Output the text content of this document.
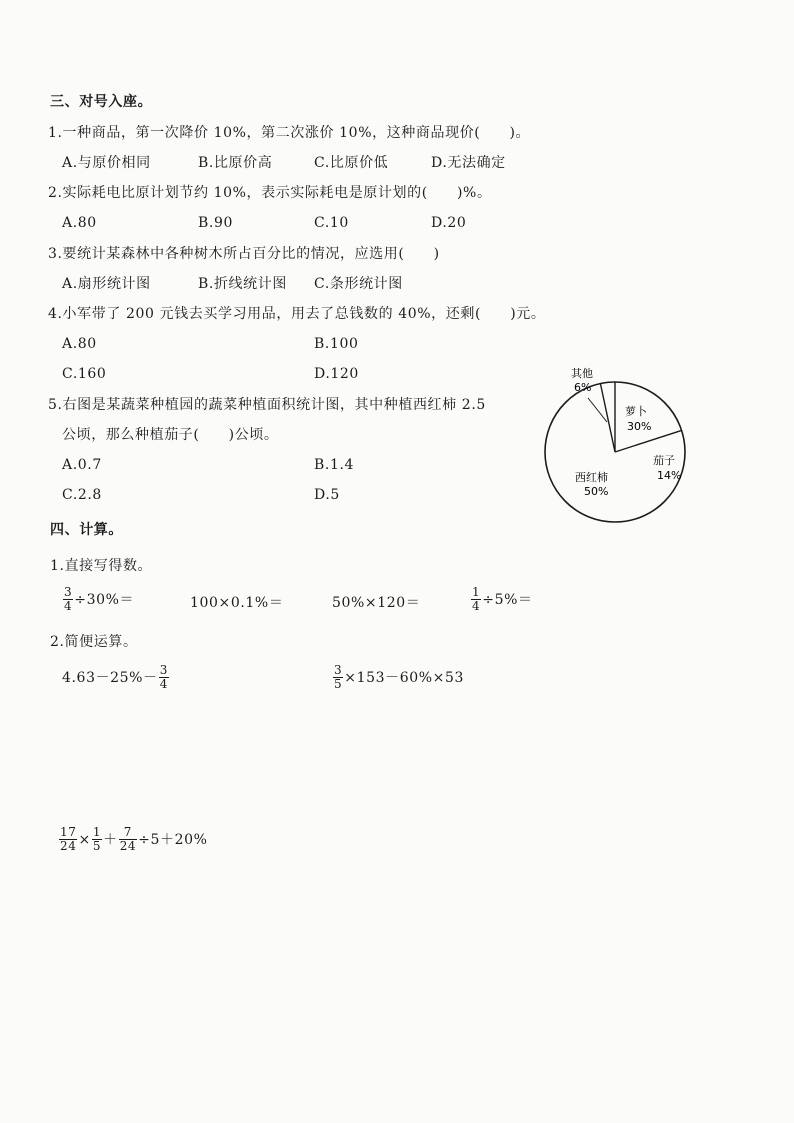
三、对号入座。
1.一种商品，第一次降价 10%，第二次涨价 10%，这种商品现价(　　)。
A.与原价相同	B.比原价高	C.比原价低	D.无法确定
2.实际耗电比原计划节约 10%，表示实际耗电是原计划的(　　)%。
A.80	B.90	C.10	D.20
3.要统计某森林中各种树木所占百分比的情况，应选用(　　)
A.扇形统计图	B.折线统计图 C.条形统计图
4.小军带了 200 元钱去买学习用品，用去了总钱数的 40%，还剩(　　)元。
A.80	B.100
C.160	D.120
5.右图是某蔬菜种植园的蔬菜种植面积统计图，其中种植西红柿 2.5
公顷，那么种植茄子(　　)公顷。
A.0.7	B.1.4
C.2.8	D.5
其他
6%
萝卜
30%
茄子
14%
西红柿
50%
四、计算。
1.直接写得数。
$\frac{3}{4} \div 30\%=$	100×0.1%＝	50%×120＝	$\frac{1}{4} \div 5\%=$
2.简便运算。
$4.63-25\%- \frac{3}{4}$	$\frac{3}{5} \times 153-60\%\times 53$
$\frac{17}{24} \times \frac{1}{5} + \frac{7}{24} \div 5+20\%$
